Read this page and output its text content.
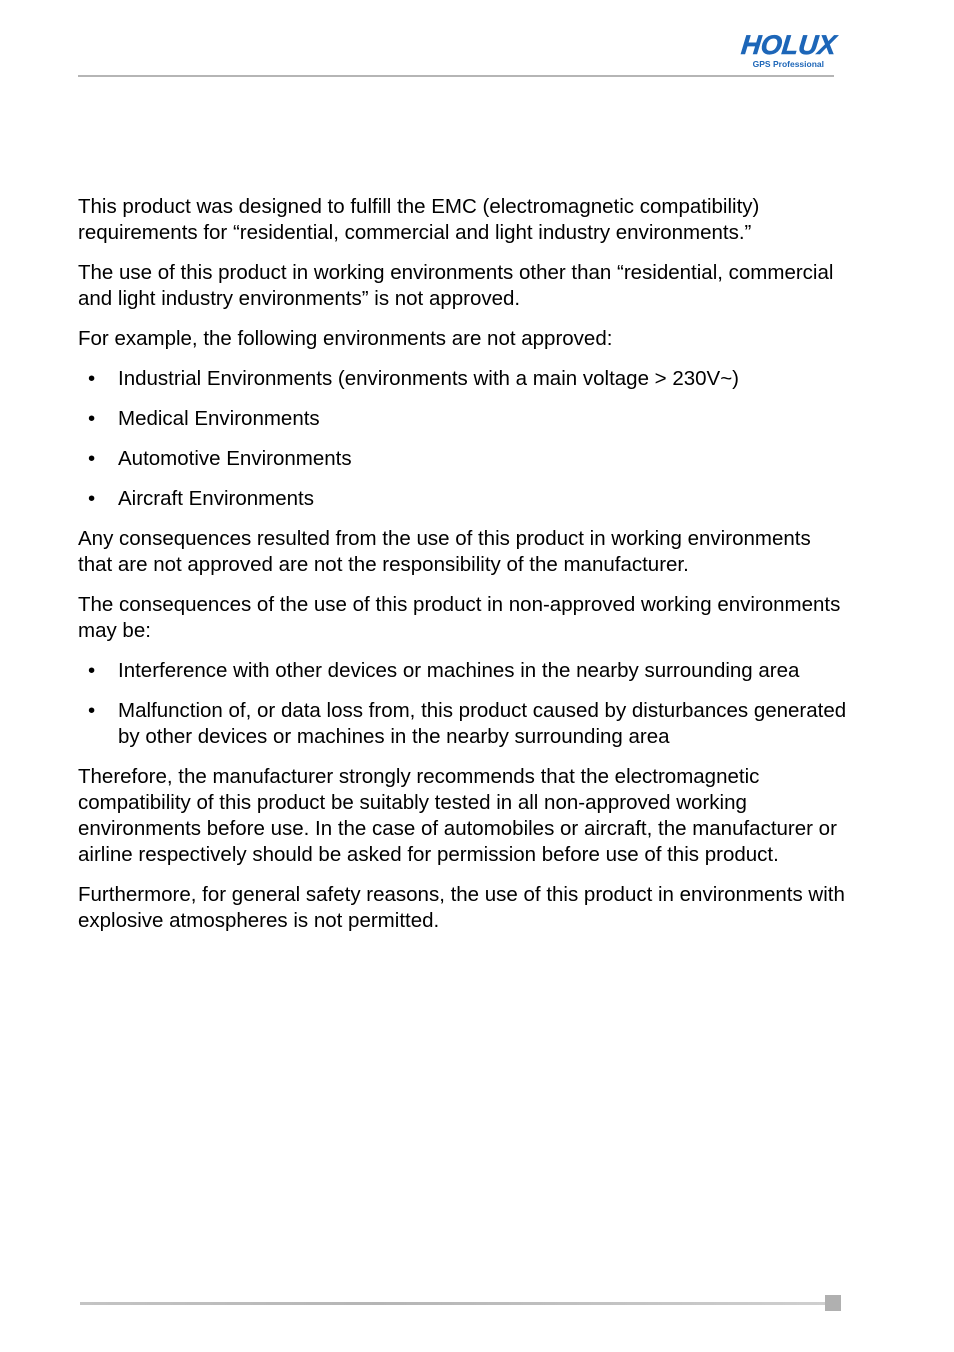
HOLUX
GPS Professional

This product was designed to fulfill the EMC (electromagnetic compatibility) requirements for “residential, commercial and light industry environments.”

The use of this product in working environments other than “residential, commercial and light industry environments” is not approved.

For example, the following environments are not approved:

• Industrial Environments (environments with a main voltage > 230V~)
• Medical Environments
• Automotive Environments
• Aircraft Environments

Any consequences resulted from the use of this product in working environments that are not approved are not the responsibility of the manufacturer.

The consequences of the use of this product in non-approved working environments may be:

• Interference with other devices or machines in the nearby surrounding area
• Malfunction of, or data loss from, this product caused by disturbances generated by other devices or machines in the nearby surrounding area

Therefore, the manufacturer strongly recommends that the electromagnetic compatibility of this product be suitably tested in all non-approved working environments before use. In the case of automobiles or aircraft, the manufacturer or airline respectively should be asked for permission before use of this product.

Furthermore, for general safety reasons, the use of this product in environments with explosive atmospheres is not permitted.
